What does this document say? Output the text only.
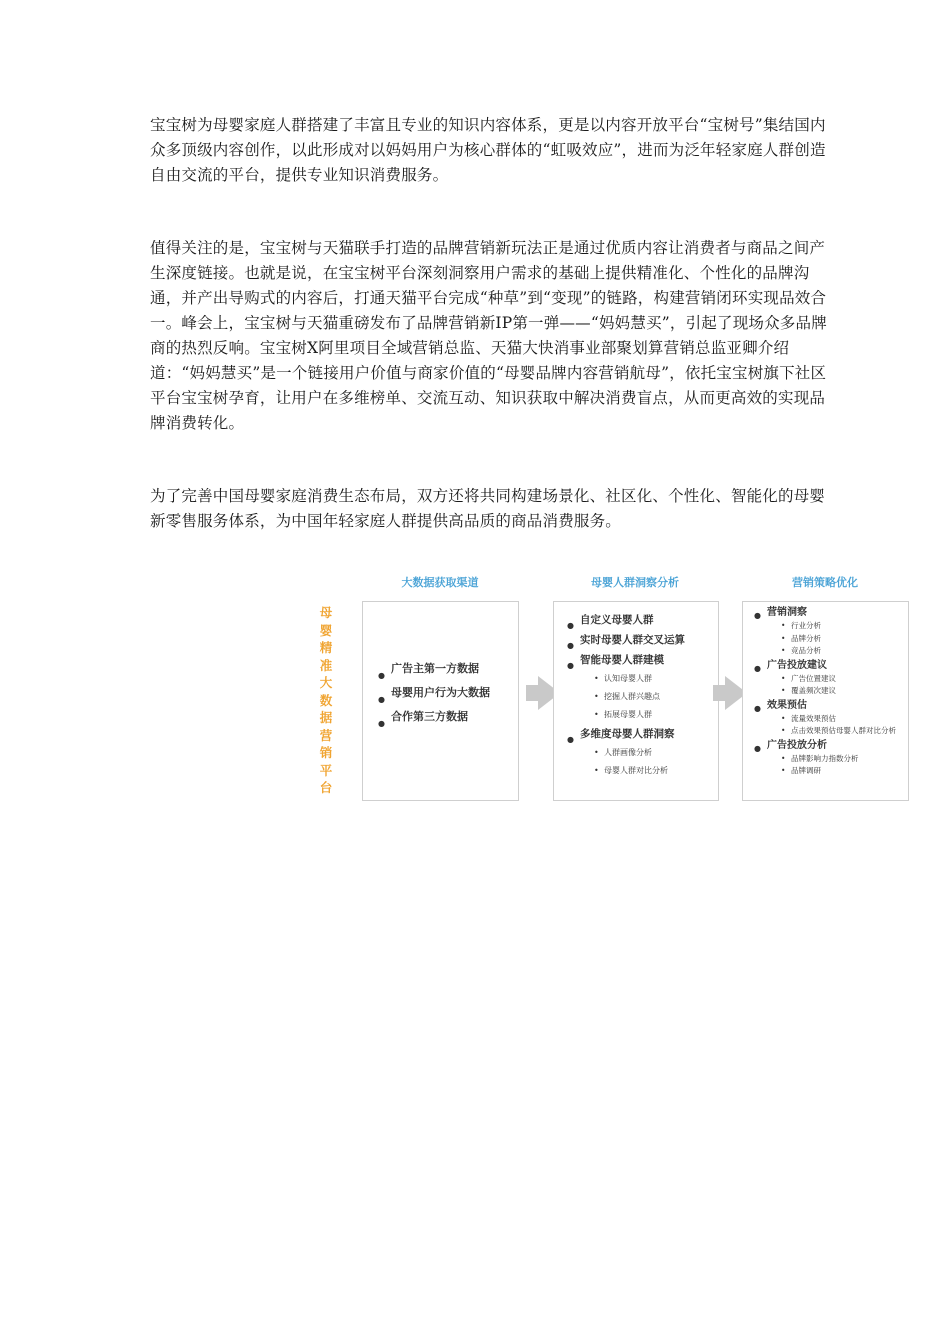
宝宝树为母婴家庭人群搭建了丰富且专业的知识内容体系，更是以内容开放平台“宝树号”集结国内众多顶级内容创作，以此形成对以妈妈用户为核心群体的“虹吸效应”，进而为泛年轻家庭人群创造自由交流的平台，提供专业知识消费服务。

值得关注的是，宝宝树与天猫联手打造的品牌营销新玩法正是通过优质内容让消费者与商品之间产生深度链接。也就是说，在宝宝树平台深刻洞察用户需求的基础上提供精准化、个性化的品牌沟通，并产出导购式的内容后，打通天猫平台完成“种草”到“变现”的链路，构建营销闭环实现品效合一。峰会上，宝宝树与天猫重磅发布了品牌营销新IP第一弹——“妈妈慧买”，引起了现场众多品牌商的热烈反响。宝宝树X阿里项目全域营销总监、天猫大快消事业部聚划算营销总监亚卿介绍道：“妈妈慧买”是一个链接用户价值与商家价值的“母婴品牌内容营销航母”，依托宝宝树旗下社区平台宝宝树孕育，让用户在多维榜单、交流互动、知识获取中解决消费盲点，从而更高效的实现品牌消费转化。

为了完善中国母婴家庭消费生态布局，双方还将共同构建场景化、社区化、个性化、智能化的母婴新零售服务体系，为中国年轻家庭人群提供高品质的商品消费服务。

母婴精准大数据营销平台
大数据获取渠道	母婴人群洞察分析	营销策略优化
● 广告主第一方数据
● 母婴用户行为大数据
● 合作第三方数据
● 自定义母婴人群
● 实时母婴人群交叉运算
● 智能母婴人群建模
• 认知母婴人群
• 挖掘人群兴趣点
• 拓展母婴人群
● 多维度母婴人群洞察
• 人群画像分析
• 母婴人群对比分析
● 营销洞察
• 行业分析
• 品牌分析
• 竞品分析
● 广告投放建议
• 广告位置建议
• 覆盖频次建议
● 效果预估
• 流量效果预估
• 点击效果预估母婴人群对比分析
● 广告投放分析
• 品牌影响力指数分析
• 品牌调研
